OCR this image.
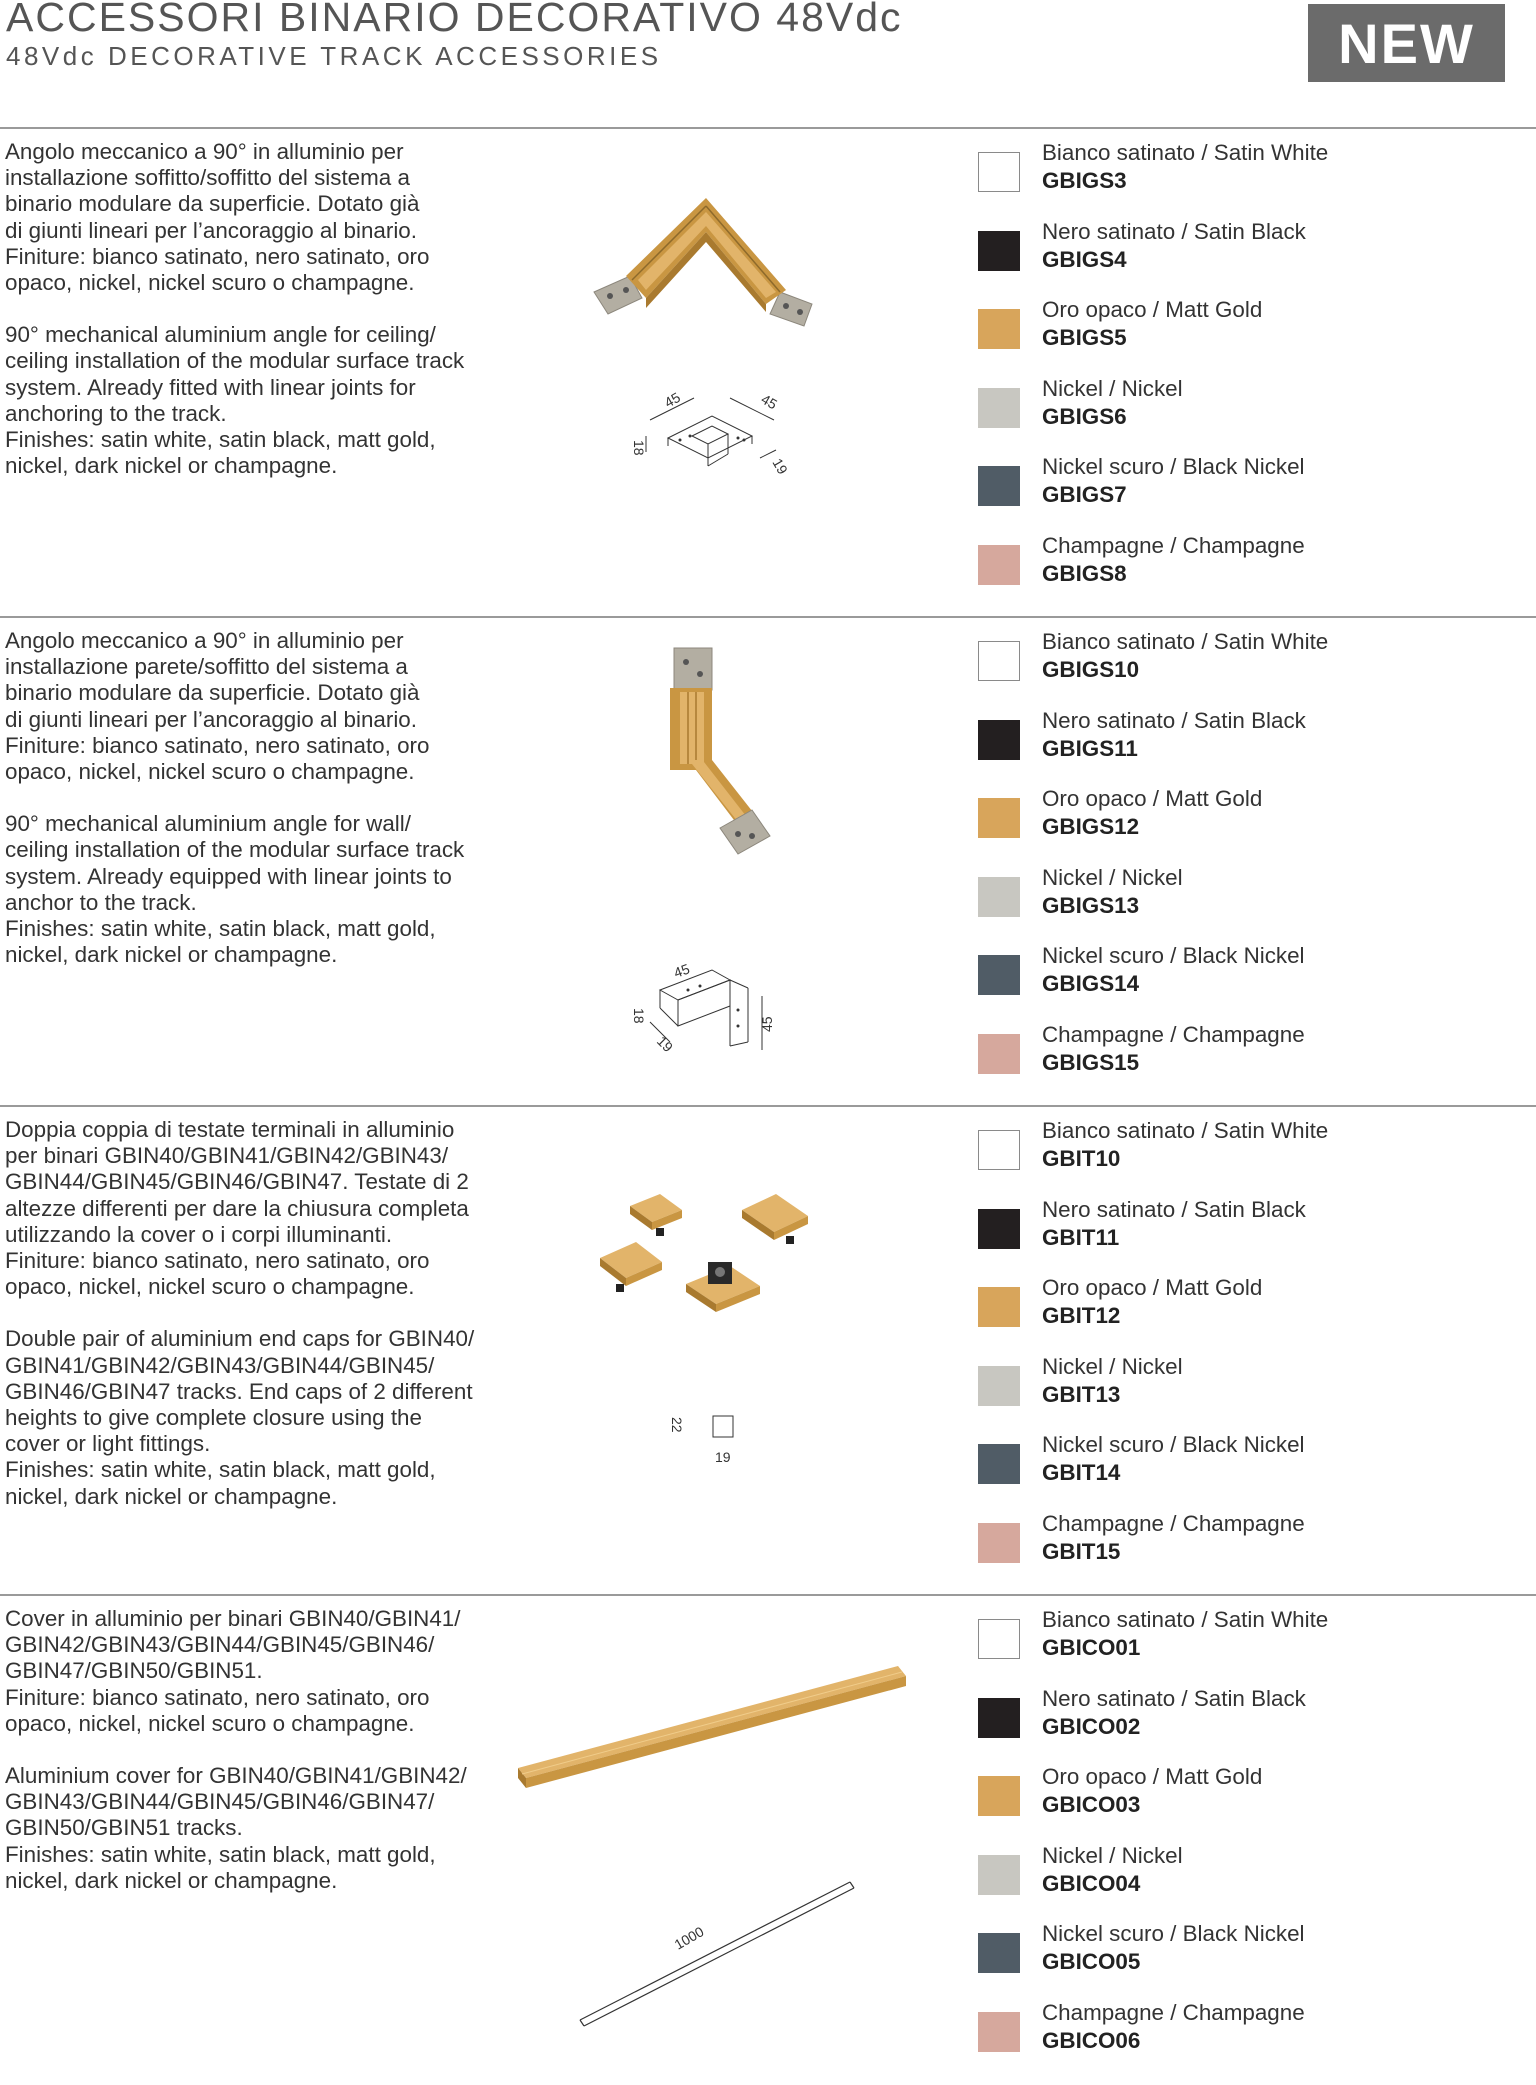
ACCESSORI BINARIO DECORATIVO 48Vdc
48Vdc DECORATIVE TRACK ACCESSORIES	NEW

Angolo meccanico a 90° in alluminio per
installazione soffitto/soffitto del sistema a
binario modulare da superficie. Dotato già
di giunti lineari per l’ancoraggio al binario.
Finiture: bianco satinato, nero satinato, oro
opaco, nickel, nickel scuro o champagne.

90° mechanical aluminium angle for ceiling/
ceiling installation of the modular surface track
system. Already fitted with linear joints for
anchoring to the track.
Finishes: satin white, satin black, matt gold,
nickel, dark nickel or champagne.

45	45
18
19
Bianco satinato / Satin White
GBIGS3
Nero satinato / Satin Black
GBIGS4
Oro opaco / Matt Gold
GBIGS5
Nickel / Nickel
GBIGS6
Nickel scuro / Black Nickel
GBIGS7
Champagne / Champagne
GBIGS8

Angolo meccanico a 90° in alluminio per
installazione parete/soffitto del sistema a
binario modulare da superficie. Dotato già
di giunti lineari per l’ancoraggio al binario.
Finiture: bianco satinato, nero satinato, oro
opaco, nickel, nickel scuro o champagne.

90° mechanical aluminium angle for wall/
ceiling installation of the modular surface track
system. Already equipped with linear joints to
anchor to the track.
Finishes: satin white, satin black, matt gold,
nickel, dark nickel or champagne.

45
18
19
45
Bianco satinato / Satin White
GBIGS10
Nero satinato / Satin Black
GBIGS11
Oro opaco / Matt Gold
GBIGS12
Nickel / Nickel
GBIGS13
Nickel scuro / Black Nickel
GBIGS14
Champagne / Champagne
GBIGS15

Doppia coppia di testate terminali in alluminio
per binari GBIN40/GBIN41/GBIN42/GBIN43/
GBIN44/GBIN45/GBIN46/GBIN47. Testate di 2
altezze differenti per dare la chiusura completa
utilizzando la cover o i corpi illuminanti.
Finiture: bianco satinato, nero satinato, oro
opaco, nickel, nickel scuro o champagne.

Double pair of aluminium end caps for GBIN40/
GBIN41/GBIN42/GBIN43/GBIN44/GBIN45/
GBIN46/GBIN47 tracks. End caps of 2 different
heights to give complete closure using the
cover or light fittings.
Finishes: satin white, satin black, matt gold,
nickel, dark nickel or champagne.

22
19
Bianco satinato / Satin White
GBIT10
Nero satinato / Satin Black
GBIT11
Oro opaco / Matt Gold
GBIT12
Nickel / Nickel
GBIT13
Nickel scuro / Black Nickel
GBIT14
Champagne / Champagne
GBIT15

Cover in alluminio per binari GBIN40/GBIN41/
GBIN42/GBIN43/GBIN44/GBIN45/GBIN46/
GBIN47/GBIN50/GBIN51.
Finiture: bianco satinato, nero satinato, oro
opaco, nickel, nickel scuro o champagne.

Aluminium cover for GBIN40/GBIN41/GBIN42/
GBIN43/GBIN44/GBIN45/GBIN46/GBIN47/
GBIN50/GBIN51 tracks.
Finishes: satin white, satin black, matt gold,
nickel, dark nickel or champagne.

1000
Bianco satinato / Satin White
GBICO01
Nero satinato / Satin Black
GBICO02
Oro opaco / Matt Gold
GBICO03
Nickel / Nickel
GBICO04
Nickel scuro / Black Nickel
GBICO05
Champagne / Champagne
GBICO06
